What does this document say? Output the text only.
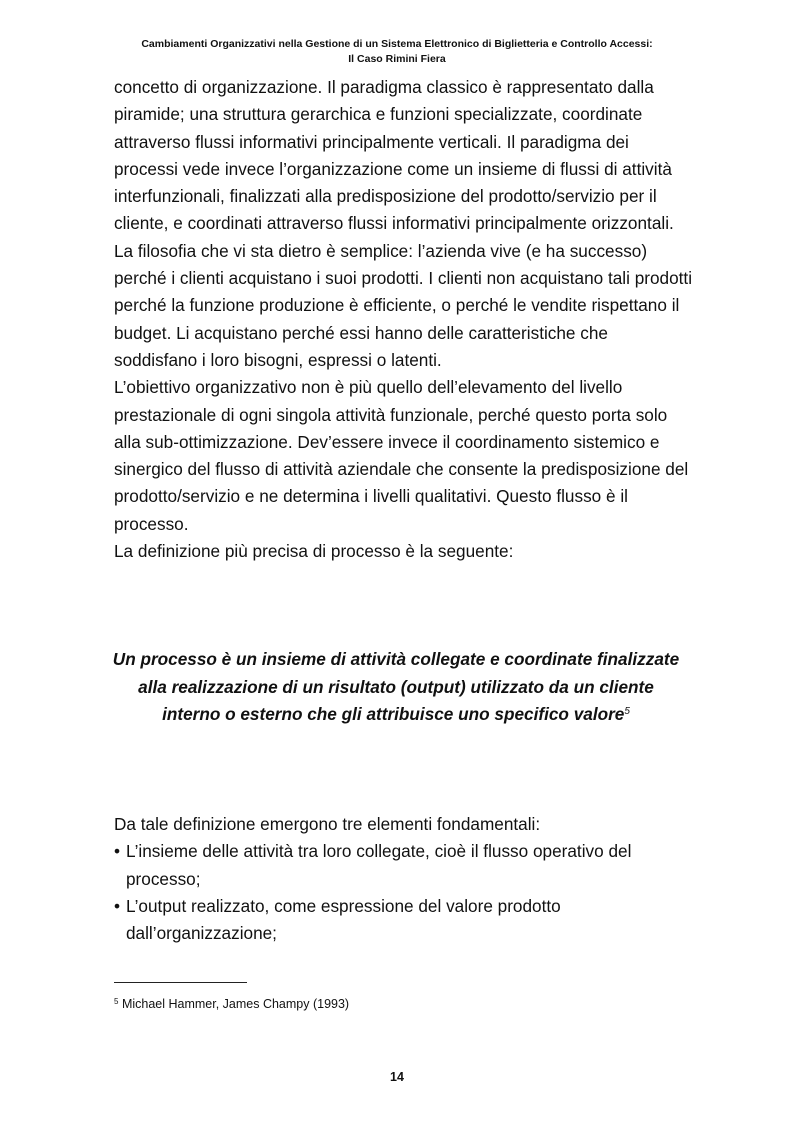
Cambiamenti Organizzativi nella Gestione di un Sistema Elettronico di Biglietteria e Controllo Accessi:
Il Caso Rimini Fiera

concetto di organizzazione. Il paradigma classico è rappresentato dalla piramide; una struttura gerarchica e funzioni specializzate, coordinate attraverso flussi informativi principalmente verticali. Il paradigma dei processi vede invece l’organizzazione come un insieme di flussi di attività interfunzionali, finalizzati alla predisposizione del prodotto/servizio per il cliente, e coordinati attraverso flussi informativi principalmente orizzontali.

La filosofia che vi sta dietro è semplice: l’azienda vive (e ha successo) perché i clienti acquistano i suoi prodotti. I clienti non acquistano tali prodotti perché la funzione produzione è efficiente, o perché le vendite rispettano il budget. Li acquistano perché essi hanno delle caratteristiche che soddisfano i loro bisogni, espressi o latenti.

L’obiettivo organizzativo non è più quello dell’elevamento del livello prestazionale di ogni singola attività funzionale, perché questo porta solo alla sub-ottimizzazione. Dev’essere invece il coordinamento sistemico e sinergico del flusso di attività aziendale che consente la predisposizione del prodotto/servizio e ne determina i livelli qualitativi. Questo flusso è il processo.

La definizione più precisa di processo è la seguente:

Un processo è un insieme di attività collegate e coordinate finalizzate alla realizzazione di un risultato (output) utilizzato da un cliente interno o esterno che gli attribuisce uno specifico valore$^5$

Da tale definizione emergono tre elementi fondamentali:

• L’insieme delle attività tra loro collegate, cioè il flusso operativo del processo;
• L’output realizzato, come espressione del valore prodotto dall’organizzazione;
$^5$ Michael Hammer, James Champy (1993)
14
